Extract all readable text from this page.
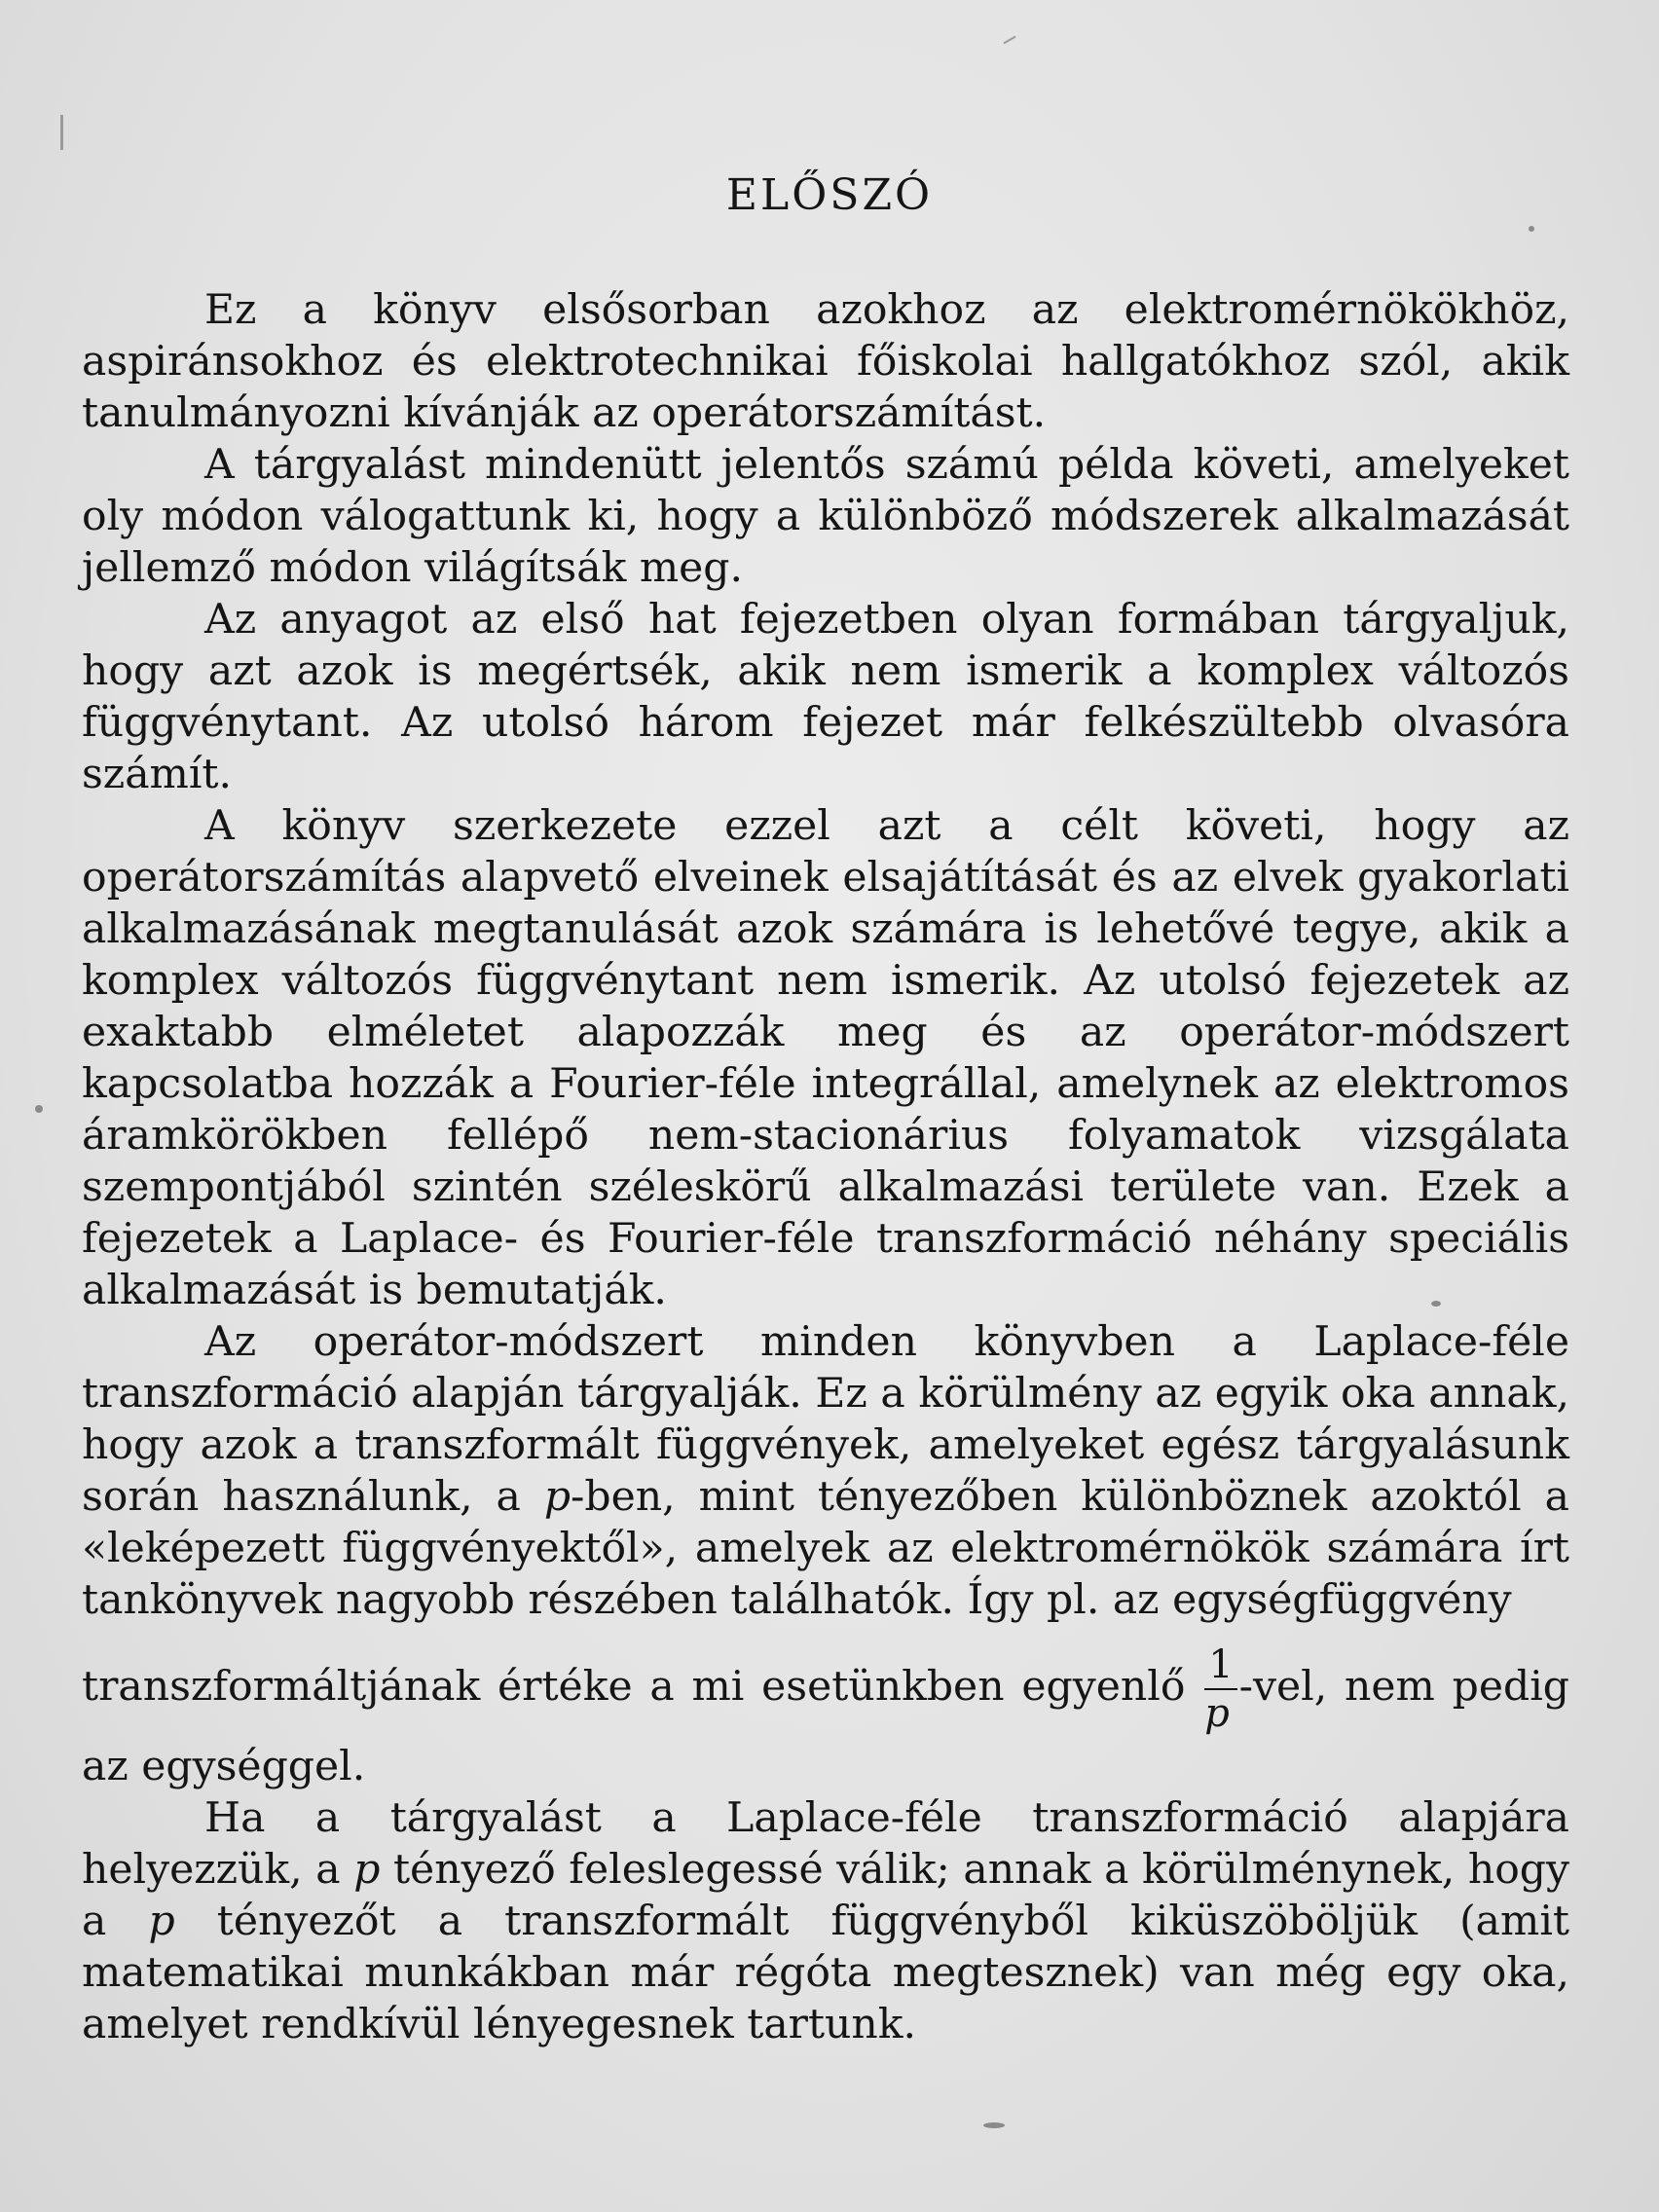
ELŐSZÓ

Ez a könyv elsősorban azokhoz az elektromérnökökhöz, aspiránsokhoz és elektrotechnikai főiskolai hallgatókhoz szól, akik tanulmányozni kívánják az operátorszámítást.

A tárgyalást mindenütt jelentős számú példa követi, amelyeket oly módon válogattunk ki, hogy a különböző módszerek alkalmazását jellemző módon világítsák meg.

Az anyagot az első hat fejezetben olyan formában tárgyaljuk, hogy azt azok is megértsék, akik nem ismerik a komplex változós függvénytant. Az utolsó három fejezet már felkészültebb olvasóra számít.

A könyv szerkezete ezzel azt a célt követi, hogy az operátorszámítás alapvető elveinek elsajátítását és az elvek gyakorlati alkalmazásának megtanulását azok számára is lehetővé tegye, akik a komplex változós függvénytant nem ismerik. Az utolsó fejezetek az exaktabb elméletet alapozzák meg és az operátor-módszert kapcsolatba hozzák a Fourier-féle integrállal, amelynek az elektromos áramkörökben fellépő nem-stacionárius folyamatok vizsgálata szempontjából szintén széleskörű alkalmazási területe van. Ezek a fejezetek a Laplace- és Fourier-féle transzformáció néhány speciális alkalmazását is bemutatják.

Az operátor-módszert minden könyvben a Laplace-féle transzformáció alapján tárgyalják. Ez a körülmény az egyik oka annak, hogy azok a transzformált függvények, amelyeket egész tárgyalásunk során használunk, a p-ben, mint tényezőben különböznek azoktól a «leképezett függvényektől», amelyek az elektromérnökök számára írt tankönyvek nagyobb részében találhatók. Így pl. az egységfüggvény
transzformáltjának értéke a mi esetünkben egyenlő $\frac{1}{p} -vel$, nem pedig
az egységgel.

Ha a tárgyalást a Laplace-féle transzformáció alapjára helyezzük, a p tényező feleslegessé válik; annak a körülménynek, hogy a p tényezőt a transzformált függvényből kiküszöböljük (amit matematikai munkákban már régóta megtesznek) van még egy oka, amelyet rendkívül lényegesnek tartunk.
